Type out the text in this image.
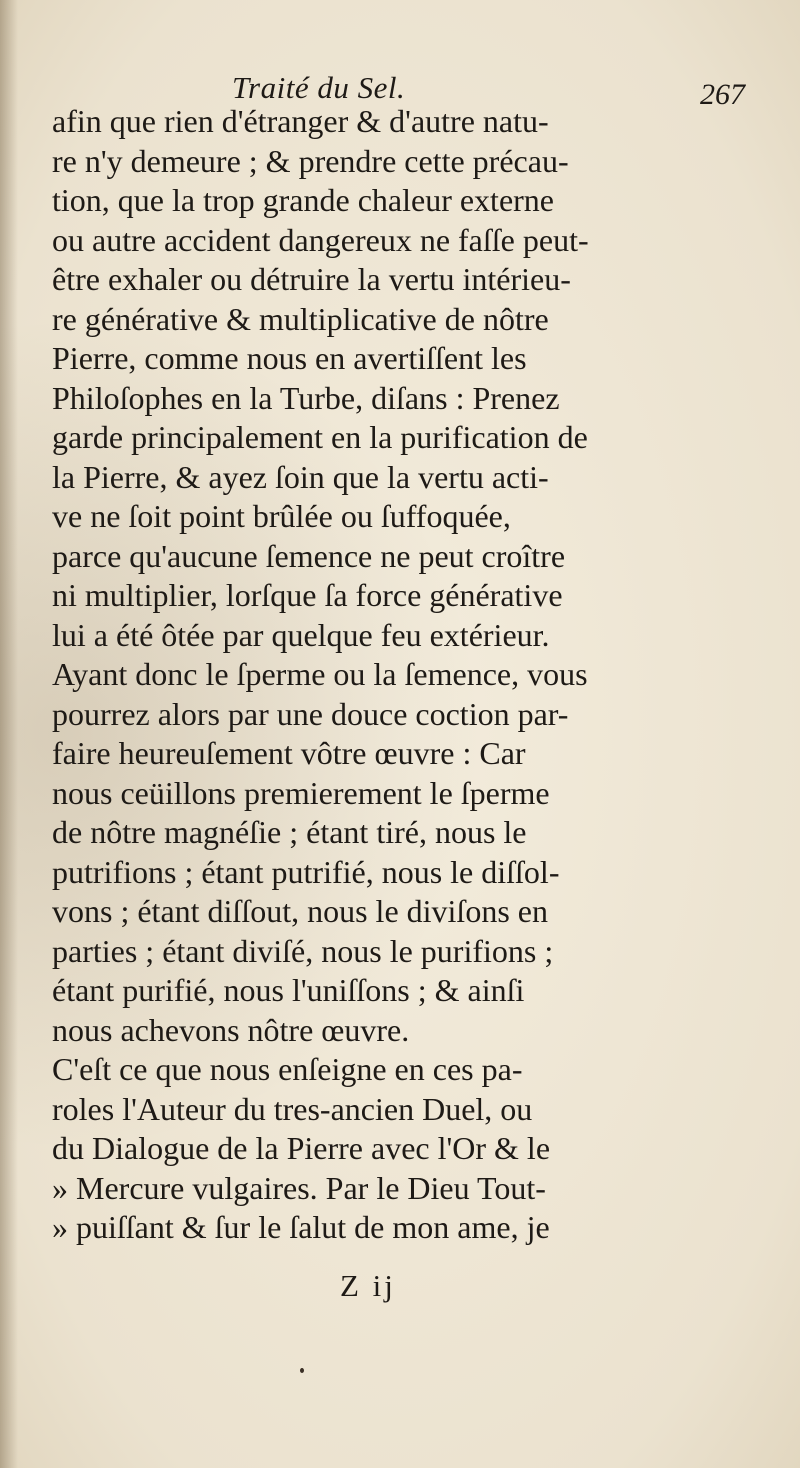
Traité du Sel.	267
afin que rien d'étranger & d'autre natu-
re n'y demeure ; & prendre cette précau-
tion, que la trop grande chaleur externe
ou autre accident dangereux ne faſſe peut-
être exhaler ou détruire la vertu intérieu-
re générative & multiplicative de nôtre
Pierre, comme nous en avertiſſent les
Philoſophes en la Turbe, diſans : Prenez
garde principalement en la purification de
la Pierre, & ayez ſoin que la vertu acti-
ve ne ſoit point brûlée ou ſuffoquée,
parce qu'aucune ſemence ne peut croître
ni multiplier, lorſque ſa force générative
lui a été ôtée par quelque feu extérieur.
Ayant donc le ſperme ou la ſemence, vous
pourrez alors par une douce coction par-
faire heureuſement vôtre œuvre : Car
nous ceüillons premierement le ſperme
de nôtre magnéſie ; étant tiré, nous le
putrifions ; étant putrifié, nous le diſſol-
vons ; étant diſſout, nous le diviſons en
parties ; étant diviſé, nous le purifions ;
étant purifié, nous l'uniſſons ; & ainſi
nous achevons nôtre œuvre.
C'eſt ce que nous enſeigne en ces pa-
roles l'Auteur du tres-ancien Duel, ou
du Dialogue de la Pierre avec l'Or & le
» Mercure vulgaires. Par le Dieu Tout-
» puiſſant & ſur le ſalut de mon ame, je
Z ij
